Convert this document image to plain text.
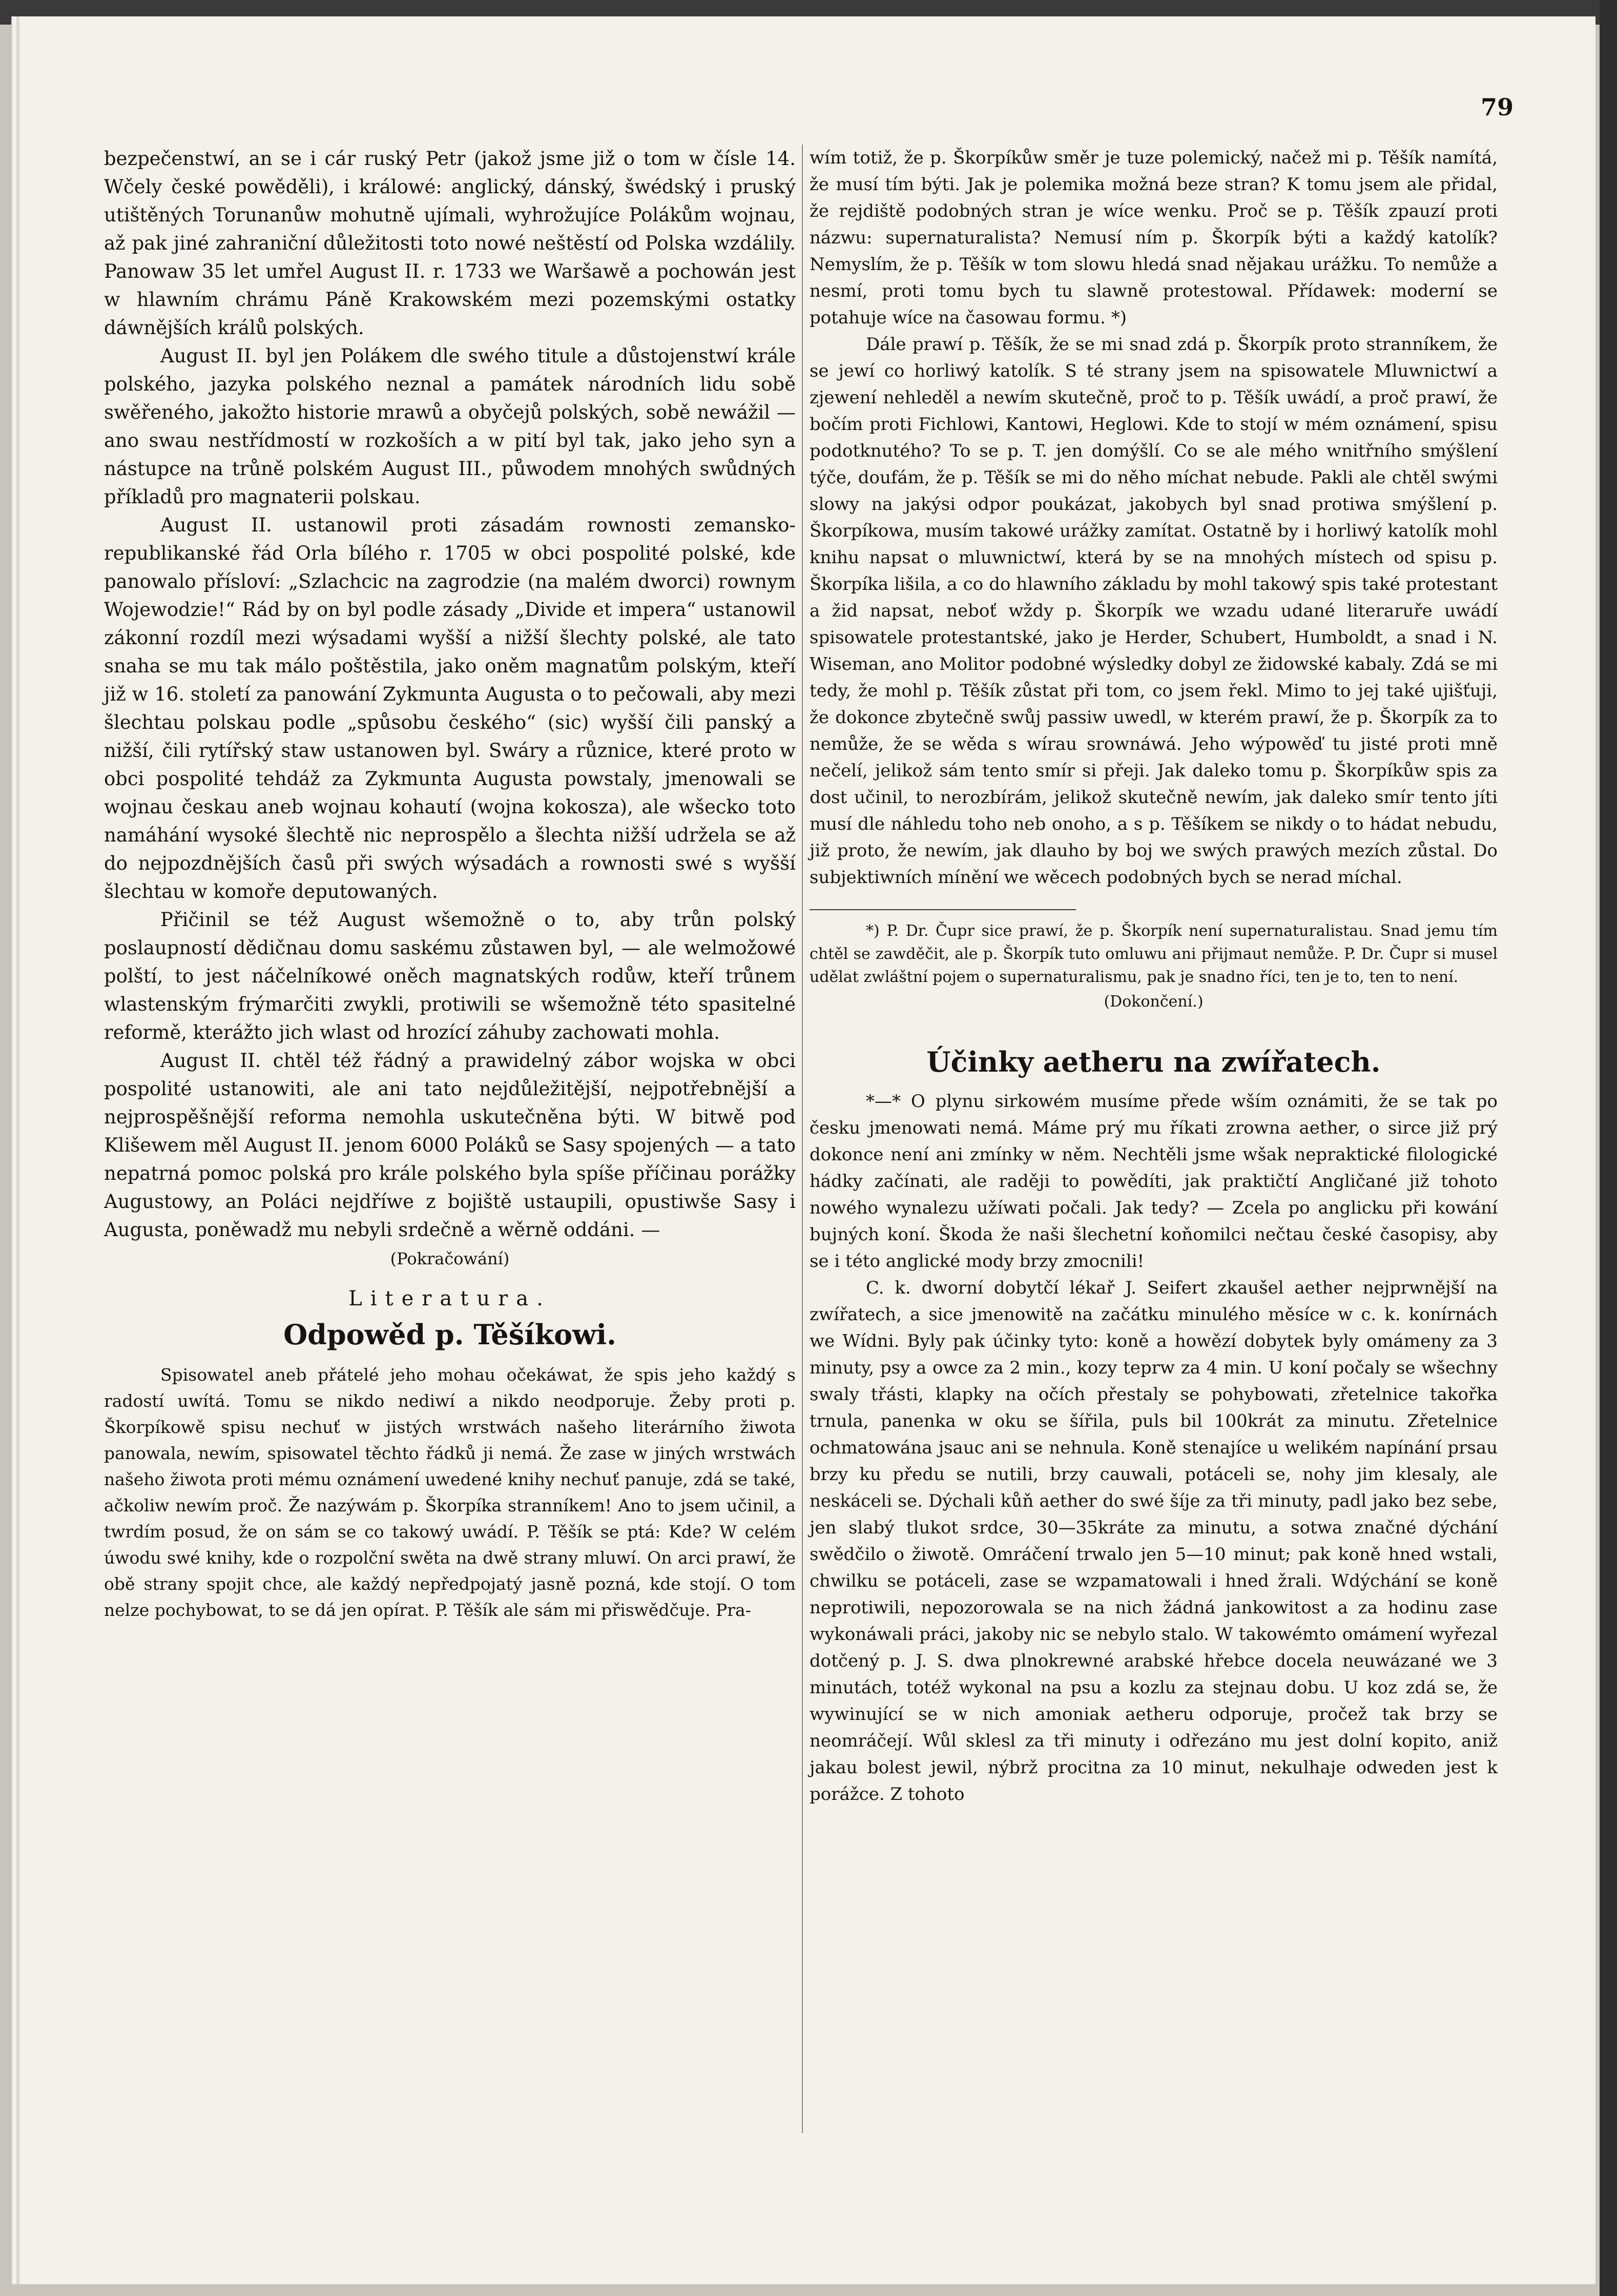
79

bezpečenstwí, an se i cár ruský Petr (jakož jsme již o tom w čísle 14. Wčely české powěděli), i králowé: anglický, dánský, šwédský i pruský utištěných Torunanůw mohutně ujímali, wyhrožujíce Polákům wojnau, až pak jiné zahraniční důležitosti toto nowé neštěstí od Polska wzdálily. Panowaw 35 let umřel August II. r. 1733 we Waršawě a pochowán jest w hlawním chrámu Páně Krakowském mezi pozemskými ostatky dáwnějších králů polských.

August II. byl jen Polákem dle swého titule a důstojenstwí krále polského, jazyka polského neznal a památek národních lidu sobě swěřeného, jakožto historie mrawů a obyčejů polských, sobě newážil — ano swau nestřídmostí w rozkoších a w pití byl tak, jako jeho syn a nástupce na trůně polském August III., půwodem mnohých swůdných příkladů pro magnaterii polskau.

August II. ustanowil proti zásadám rownosti zemansko-republikanské řád Orla bílého r. 1705 w obci pospolité polské, kde panowalo přísloví: „Szlachcic na zagrodzie (na malém dworci) rownym Wojewodzie!“ Rád by on byl podle zásady „Divide et impera“ ustanowil zákonní rozdíl mezi wýsadami wyšší a nižší šlechty polské, ale tato snaha se mu tak málo poštěstila, jako oněm magnatům polským, kteří již w 16. století za panowání Zykmunta Augusta o to pečowali, aby mezi šlechtau polskau podle „spůsobu českého“ (sic) wyšší čili panský a nižší, čili rytířský staw ustanowen byl. Swáry a různice, které proto w obci pospolité tehdáž za Zykmunta Augusta powstaly, jmenowali se wojnau českau aneb wojnau kohautí (wojna kokosza), ale wšecko toto namáhání wysoké šlechtě nic neprospělo a šlechta nižší udržela se až do nejpozdnějších časů při swých wýsadách a rownosti swé s wyšší šlechtau w komoře deputowaných.

Přičinil se též August wšemožně o to, aby trůn polský poslaupností dědičnau domu saskému zůstawen byl, — ale welmožowé polští, to jest náčelníkowé oněch magnatských rodůw, kteří trůnem wlastenským frýmarčiti zwykli, protiwili se wšemožně této spasitelné reformě, kterážto jich wlast od hrozící záhuby zachowati mohla.

August II. chtěl též řádný a prawidelný zábor wojska w obci pospolité ustanowiti, ale ani tato nejdůležitější, nejpotřebnější a nejprospěšnější reforma nemohla uskutečněna býti. W bitwě pod Klišewem měl August II. jenom 6000 Poláků se Sasy spojených — a tato nepatrná pomoc polská pro krále polského byla spíše příčinau porážky Augustowy, an Poláci nejdříwe z bojiště ustaupili, opustiwše Sasy i Augusta, poněwadž mu nebyli srdečně a wěrně oddáni. —

(Pokračowání)
Literatura.
Odpowěd p. Těšíkowi.

Spisowatel aneb přátelé jeho mohau očekáwat, že spis jeho každý s radostí uwítá. Tomu se nikdo nediwí a nikdo neodporuje. Žeby proti p. Škorpíkowě spisu nechuť w jistých wrstwách našeho literárního žiwota panowala, newím, spisowatel těchto řádků ji nemá. Že zase w jiných wrstwách našeho žiwota proti mému oznámení uwedené knihy nechuť panuje, zdá se také, ačkoliw newím proč. Že nazýwám p. Škorpíka stranníkem! Ano to jsem učinil, a twrdím posud, že on sám se co takowý uwádí. P. Těšík se ptá: Kde? W celém úwodu swé knihy, kde o rozpolční swěta na dwě strany mluwí. On arci prawí, že obě strany spojit chce, ale každý nepředpojatý jasně pozná, kde stojí. O tom nelze pochybowat, to se dá jen opírat. P. Těšík ale sám mi přiswědčuje. Pra-

wím totiž, že p. Škorpíkůw směr je tuze polemický, načež mi p. Těšík namítá, že musí tím býti. Jak je polemika možná beze stran? K tomu jsem ale přidal, že rejdiště podobných stran je wíce wenku. Proč se p. Těšík zpauzí proti názwu: supernaturalista? Nemusí ním p. Škorpík býti a každý katolík? Nemyslím, že p. Těšík w tom slowu hledá snad nějakau urážku. To nemůže a nesmí, proti tomu bych tu slawně protestowal. Přídawek: moderní se potahuje wíce na časowau formu. *)

Dále prawí p. Těšík, že se mi snad zdá p. Škorpík proto stranníkem, že se jewí co horliwý katolík. S té strany jsem na spisowatele Mluwnictwí a zjewení nehleděl a newím skutečně, proč to p. Těšík uwádí, a proč prawí, že bočím proti Fichlowi, Kantowi, Heglowi. Kde to stojí w mém oznámení, spisu podotknutého? To se p. T. jen domýšlí. Co se ale mého wnitřního smýšlení týče, doufám, že p. Těšík se mi do něho míchat nebude. Pakli ale chtěl swými slowy na jakýsi odpor poukázat, jakobych byl snad protiwa smýšlení p. Škorpíkowa, musím takowé urážky zamítat. Ostatně by i horliwý katolík mohl knihu napsat o mluwnictwí, která by se na mnohých místech od spisu p. Škorpíka lišila, a co do hlawního základu by mohl takowý spis také protestant a žid napsat, neboť wždy p. Škorpík we wzadu udané literaruře uwádí spisowatele protestantské, jako je Herder, Schubert, Humboldt, a snad i N. Wiseman, ano Molitor podobné wýsledky dobyl ze židowské kabaly. Zdá se mi tedy, že mohl p. Těšík zůstat při tom, co jsem řekl. Mimo to jej také ujišťuji, že dokonce zbytečně swůj passiw uwedl, w kterém prawí, že p. Škorpík za to nemůže, že se wěda s wírau srownáwá. Jeho wýpowěď tu jisté proti mně nečelí, jelikož sám tento smír si přeji. Jak daleko tomu p. Škorpíkůw spis za dost učinil, to nerozbírám, jelikož skutečně newím, jak daleko smír tento jíti musí dle náhledu toho neb onoho, a s p. Těšíkem se nikdy o to hádat nebudu, již proto, že newím, jak dlauho by boj we swých prawých mezích zůstal. Do subjektiwních mínění we wěcech podobných bych se nerad míchal.

*) P. Dr. Čupr sice prawí, že p. Škorpík není supernaturalistau. Snad jemu tím chtěl se zawděčit, ale p. Škorpík tuto omluwu ani přijmaut nemůže. P. Dr. Čupr si musel udělat zwláštní pojem o supernaturalismu, pak je snadno říci, ten je to, ten to není.

(Dokončení.)
Účinky aetheru na zwířatech.

*—* O plynu sirkowém musíme přede wším oznámiti, že se tak po česku jmenowati nemá. Máme prý mu říkati zrowna aether, o sirce již prý dokonce není ani zmínky w něm. Nechtěli jsme wšak nepraktické filologické hádky začínati, ale raději to powědíti, jak praktičtí Angličané již tohoto nowého wynalezu užíwati počali. Jak tedy? — Zcela po anglicku při kowání bujných koní. Škoda že naši šlechetní koňomilci nečtau české časopisy, aby se i této anglické mody brzy zmocnili!

C. k. dworní dobytčí lékař J. Seifert zkaušel aether nejprwnější na zwířatech, a sice jmenowitě na začátku minulého měsíce w c. k. konírnách we Wídni. Byly pak účinky tyto: koně a howězí dobytek byly omámeny za 3 minuty, psy a owce za 2 min., kozy teprw za 4 min. U koní počaly se wšechny swaly třásti, klapky na očích přestaly se pohybowati, zřetelnice takořka trnula, panenka w oku se šířila, puls bil 100krát za minutu. Zřetelnice ochmatowána jsauc ani se nehnula. Koně stenajíce u welikém napínání prsau brzy ku předu se nutili, brzy cauwali, potáceli se, nohy jim klesaly, ale neskáceli se. Dýchali kůň aether do swé šíje za tři minuty, padl jako bez sebe, jen slabý tlukot srdce, 30—35kráte za minutu, a sotwa značné dýchání swědčilo o žiwotě. Omráčení trwalo jen 5—10 minut; pak koně hned wstali, chwilku se potáceli, zase se wzpamatowali i hned žrali. Wdýchání se koně neprotiwili, nepozorowala se na nich žádná jankowitost a za hodinu zase wykonáwali práci, jakoby nic se nebylo stalo. W takowémto omámení wyřezal dotčený p. J. S. dwa plnokrewné arabské hřebce docela neuwázané we 3 minutách, totéž wykonal na psu a kozlu za stejnau dobu. U koz zdá se, že wywinující se w nich amoniak aetheru odporuje, pročež tak brzy se neomráčejí. Wůl sklesl za tři minuty i odřezáno mu jest dolní kopito, aniž jakau bolest jewil, nýbrž procitna za 10 minut, nekulhaje odweden jest k porážce. Z tohoto
